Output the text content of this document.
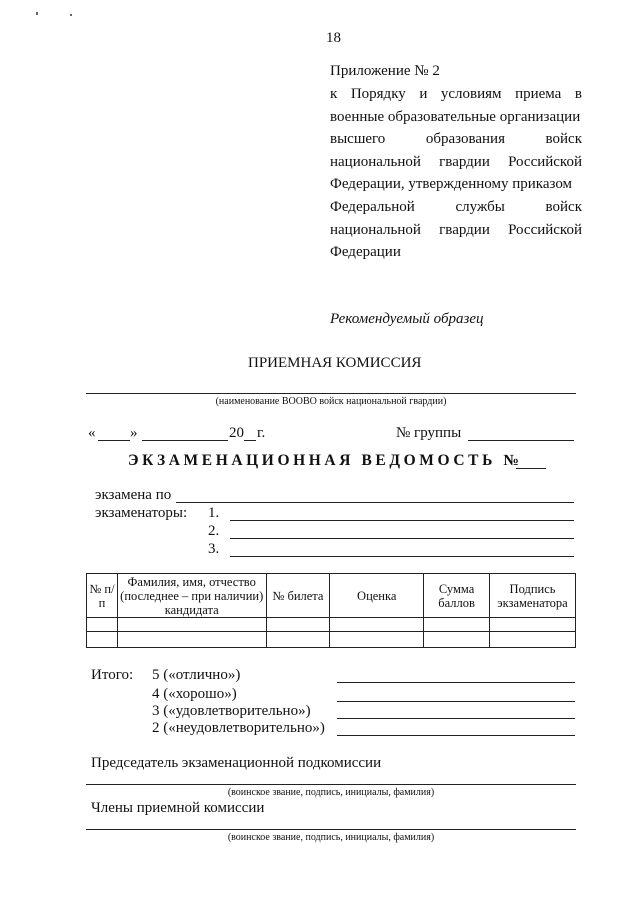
18
Приложение № 2
к Порядку и условиям приема в
военные образовательные организации
высшего	образования	войск
национальной гвардии Российской
Федерации, утвержденному приказом
Федеральной	службы	войск
национальной гвардии Российской
Федерации
Рекомендуемый образец
ПРИЕМНАЯ КОМИССИЯ
(наименование ВООВО войск национальной гвардии)
« »	20 г.	№ группы
ЭКЗАМЕНАЦИОННАЯ ВЕДОМОСТЬ №
экзамена по
экзаменаторы: 1.
2.
3.
№ п/п	Фамилия, имя, отчество (последнее – при наличии) кандидата	№ билета	Оценка	Сумма баллов	Подпись экзаменатора

Итого: 5 («отлично»)
4 («хорошо»)
3 («удовлетворительно»)
2 («неудовлетворительно»)
Председатель экзаменационной подкомиссии
(воинское звание, подпись, инициалы, фамилия)
Члены приемной комиссии
(воинское звание, подпись, инициалы, фамилия)
